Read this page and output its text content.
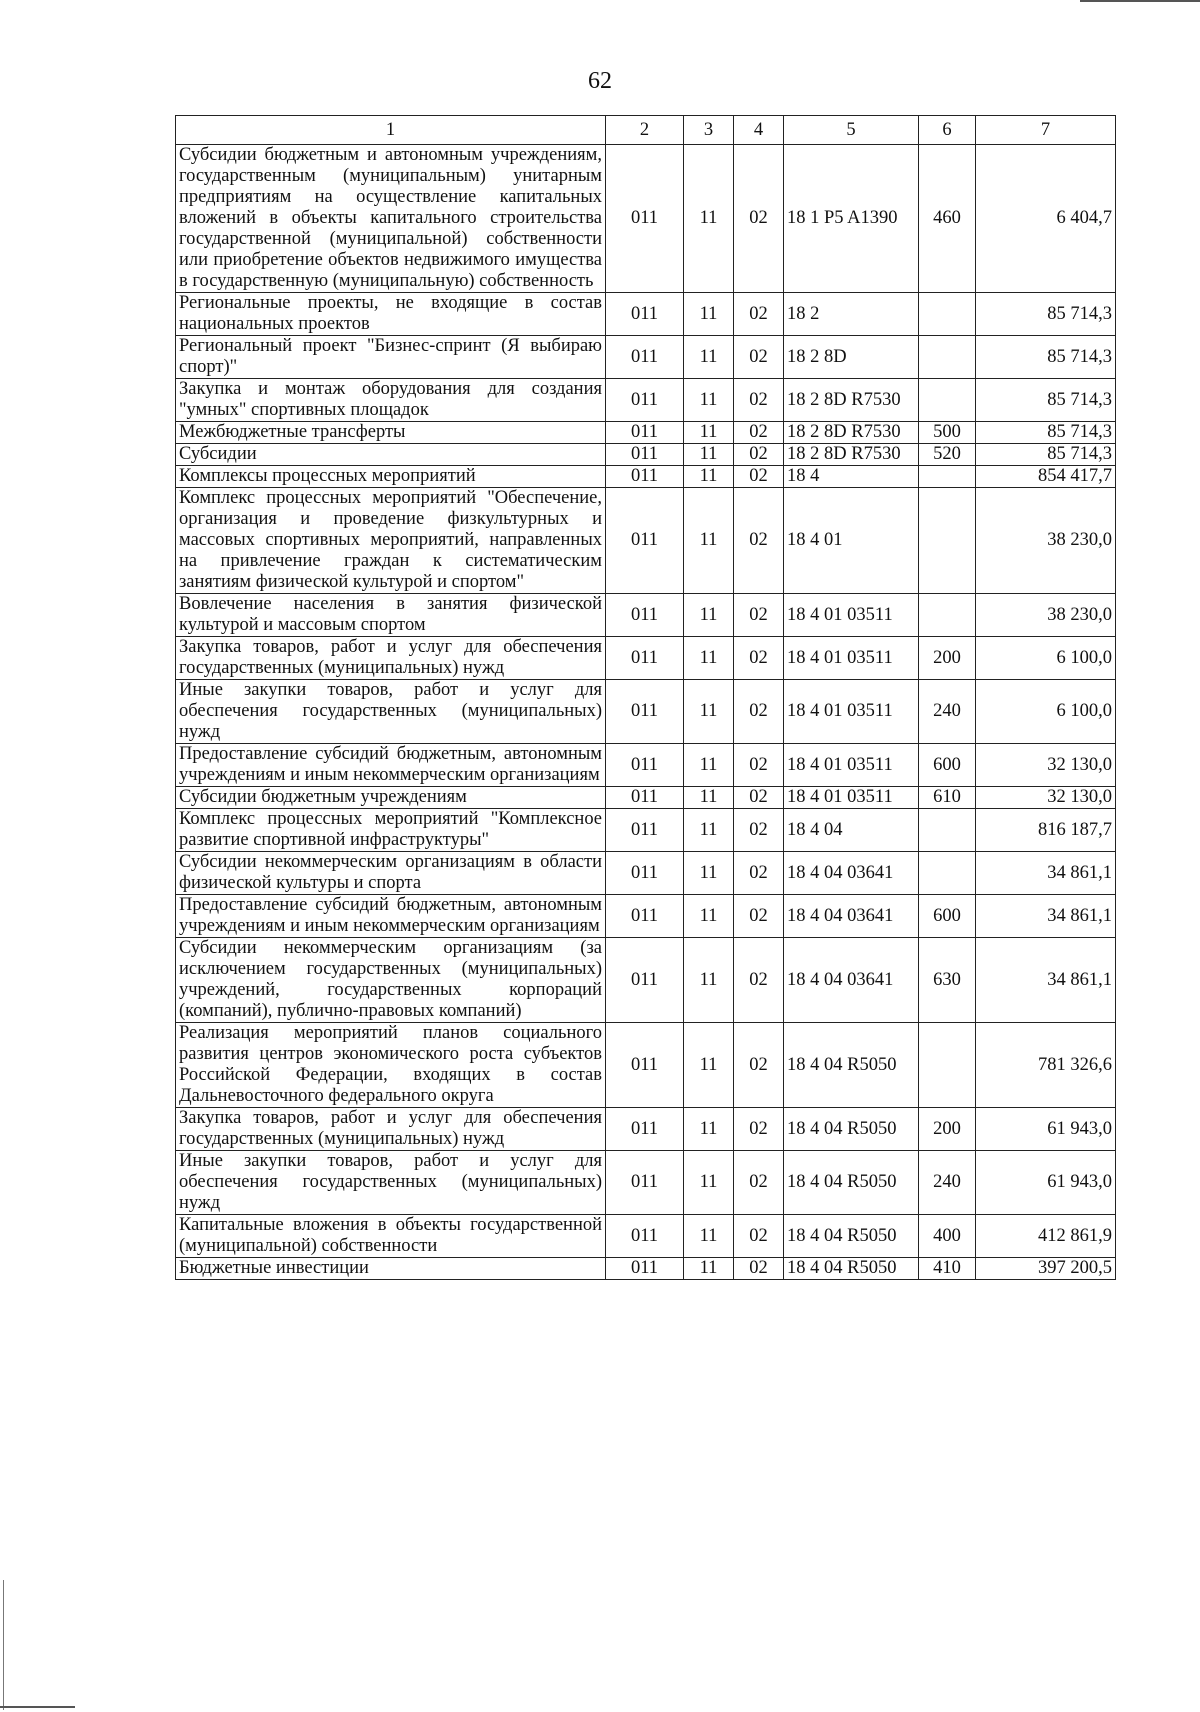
62
1	2	3	4	5	6	7
Субсидии бюджетным и автономным учреждениям, государственным (муниципальным) унитарным предприятиям на осуществление капитальных вложений в объекты капитального строительства государственной (муниципальной) собственности или приобретение объектов недвижимого имущества в государственную (муниципальную) собственность	011	11	02	18 1 P5 A1390	460	6 404,7
Региональные проекты, не входящие в состав национальных проектов	011	11	02	18 2		85 714,3
Региональный проект "Бизнес-спринт (Я выбираю спорт)"	011	11	02	18 2 8D		85 714,3
Закупка и монтаж оборудования для создания "умных" спортивных площадок	011	11	02	18 2 8D R7530		85 714,3
Межбюджетные трансферты	011	11	02	18 2 8D R7530	500	85 714,3
Субсидии	011	11	02	18 2 8D R7530	520	85 714,3
Комплексы процессных мероприятий	011	11	02	18 4		854 417,7
Комплекс процессных мероприятий "Обеспечение, организация и проведение физкультурных и массовых спортивных мероприятий, направленных на привлечение граждан к систематическим занятиям физической культурой и спортом"	011	11	02	18 4 01		38 230,0
Вовлечение населения в занятия физической культурой и массовым спортом	011	11	02	18 4 01 03511		38 230,0
Закупка товаров, работ и услуг для обеспечения государственных (муниципальных) нужд	011	11	02	18 4 01 03511	200	6 100,0
Иные закупки товаров, работ и услуг для обеспечения государственных (муниципальных) нужд	011	11	02	18 4 01 03511	240	6 100,0
Предоставление субсидий бюджетным, автономным учреждениям и иным некоммерческим организациям	011	11	02	18 4 01 03511	600	32 130,0
Субсидии бюджетным учреждениям	011	11	02	18 4 01 03511	610	32 130,0
Комплекс процессных мероприятий "Комплексное развитие спортивной инфраструктуры"	011	11	02	18 4 04		816 187,7
Субсидии некоммерческим организациям в области физической культуры и спорта	011	11	02	18 4 04 03641		34 861,1
Предоставление субсидий бюджетным, автономным учреждениям и иным некоммерческим организациям	011	11	02	18 4 04 03641	600	34 861,1
Субсидии некоммерческим организациям (за исключением государственных (муниципальных) учреждений, государственных корпораций (компаний), публично-правовых компаний)	011	11	02	18 4 04 03641	630	34 861,1
Реализация мероприятий планов социального развития центров экономического роста субъектов Российской Федерации, входящих в состав Дальневосточного федерального округа	011	11	02	18 4 04 R5050		781 326,6
Закупка товаров, работ и услуг для обеспечения государственных (муниципальных) нужд	011	11	02	18 4 04 R5050	200	61 943,0
Иные закупки товаров, работ и услуг для обеспечения государственных (муниципальных) нужд	011	11	02	18 4 04 R5050	240	61 943,0
Капитальные вложения в объекты государственной (муниципальной) собственности	011	11	02	18 4 04 R5050	400	412 861,9
Бюджетные инвестиции	011	11	02	18 4 04 R5050	410	397 200,5
